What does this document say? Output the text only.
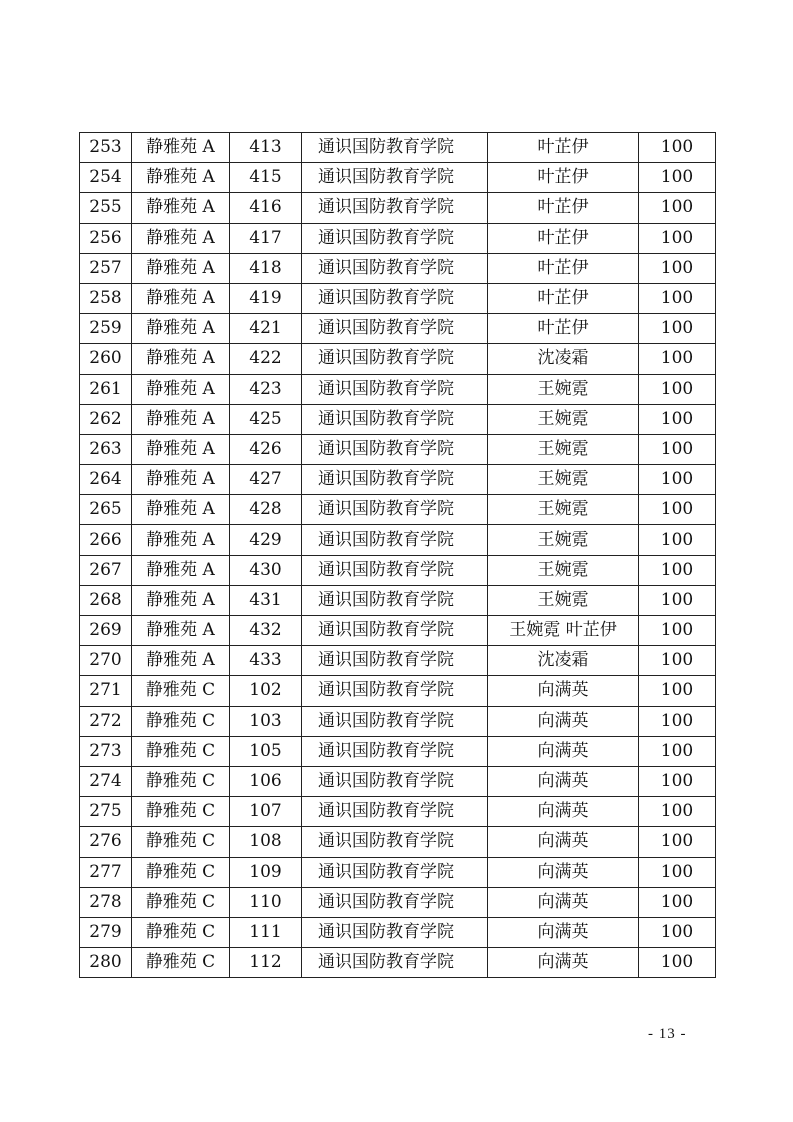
253	静雅苑 A	413	通识国防教育学院	叶芷伊	100
254	静雅苑 A	415	通识国防教育学院	叶芷伊	100
255	静雅苑 A	416	通识国防教育学院	叶芷伊	100
256	静雅苑 A	417	通识国防教育学院	叶芷伊	100
257	静雅苑 A	418	通识国防教育学院	叶芷伊	100
258	静雅苑 A	419	通识国防教育学院	叶芷伊	100
259	静雅苑 A	421	通识国防教育学院	叶芷伊	100
260	静雅苑 A	422	通识国防教育学院	沈凌霜	100
261	静雅苑 A	423	通识国防教育学院	王婉霓	100
262	静雅苑 A	425	通识国防教育学院	王婉霓	100
263	静雅苑 A	426	通识国防教育学院	王婉霓	100
264	静雅苑 A	427	通识国防教育学院	王婉霓	100
265	静雅苑 A	428	通识国防教育学院	王婉霓	100
266	静雅苑 A	429	通识国防教育学院	王婉霓	100
267	静雅苑 A	430	通识国防教育学院	王婉霓	100
268	静雅苑 A	431	通识国防教育学院	王婉霓	100
269	静雅苑 A	432	通识国防教育学院	王婉霓 叶芷伊	100
270	静雅苑 A	433	通识国防教育学院	沈凌霜	100
271	静雅苑 C	102	通识国防教育学院	向满英	100
272	静雅苑 C	103	通识国防教育学院	向满英	100
273	静雅苑 C	105	通识国防教育学院	向满英	100
274	静雅苑 C	106	通识国防教育学院	向满英	100
275	静雅苑 C	107	通识国防教育学院	向满英	100
276	静雅苑 C	108	通识国防教育学院	向满英	100
277	静雅苑 C	109	通识国防教育学院	向满英	100
278	静雅苑 C	110	通识国防教育学院	向满英	100
279	静雅苑 C	111	通识国防教育学院	向满英	100
280	静雅苑 C	112	通识国防教育学院	向满英	100
- 13 -
